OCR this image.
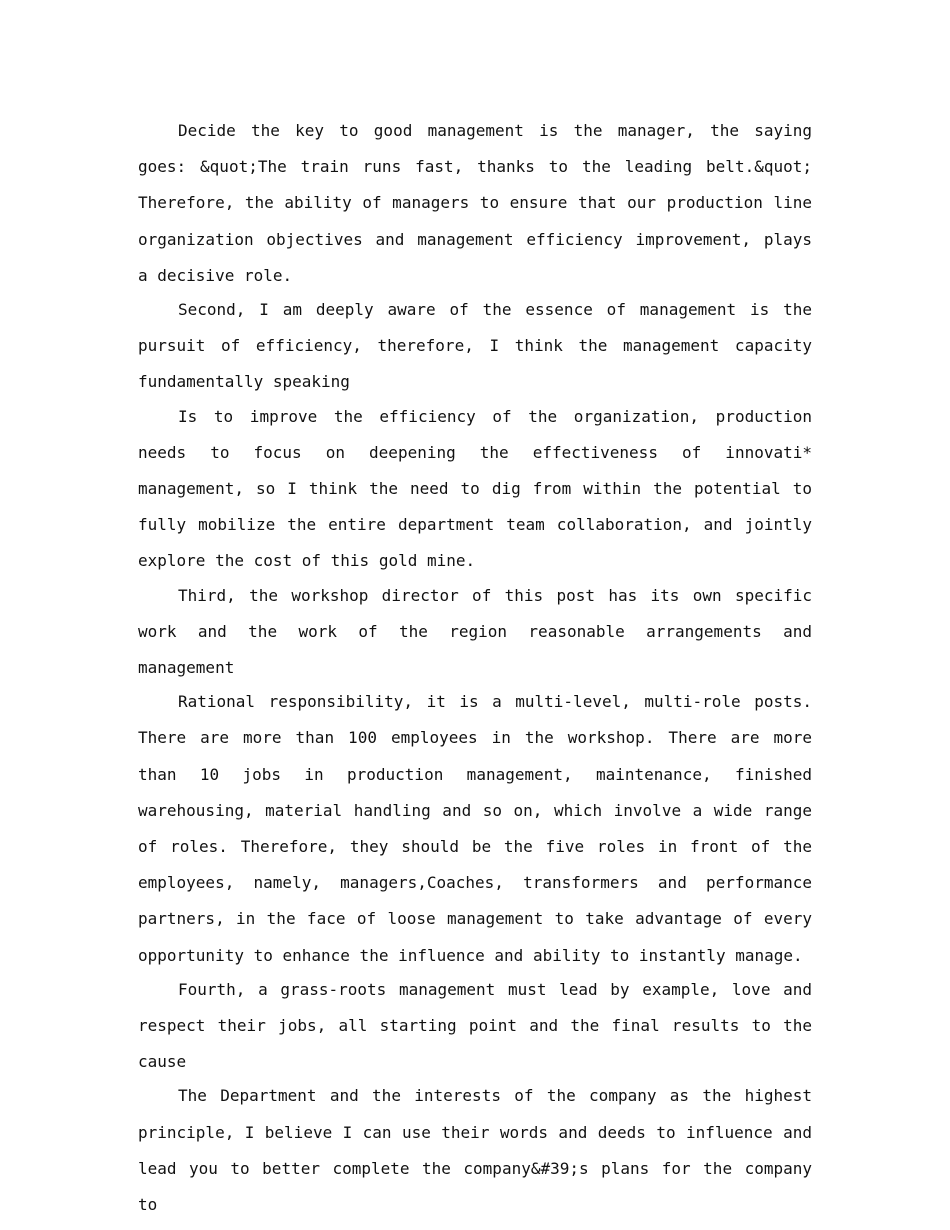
Decide the key to good management is the manager, the saying goes: &quot;The train runs fast, thanks to the leading belt.&quot; Therefore, the ability of managers to ensure that our production line organization objectives and management efficiency improvement, plays a decisive role.

Second, I am deeply aware of the essence of management is the pursuit of efficiency, therefore, I think the management capacity fundamentally speaking

Is to improve the efficiency of the organization, production needs to focus on deepening the effectiveness of innovati* management, so I think the need to dig from within the potential to fully mobilize the entire department team collaboration, and jointly explore the cost of this gold mine.

Third, the workshop director of this post has its own specific work and the work of the region reasonable arrangements and management

Rational responsibility, it is a multi-level, multi-role posts. There are more than 100 employees in the workshop. There are more than 10 jobs in production management, maintenance, finished warehousing, material handling and so on, which involve a wide range of roles. Therefore, they should be the five roles in front of the employees, namely, managers,Coaches, transformers and performance partners, in the face of loose management to take advantage of every opportunity to enhance the influence and ability to instantly manage.

Fourth, a grass-roots management must lead by example, love and respect their jobs, all starting point and the final results to the cause

The Department and the interests of the company as the highest principle, I believe I can use their words and deeds to influence and lead you to better complete the company&#39;s plans for the company to
